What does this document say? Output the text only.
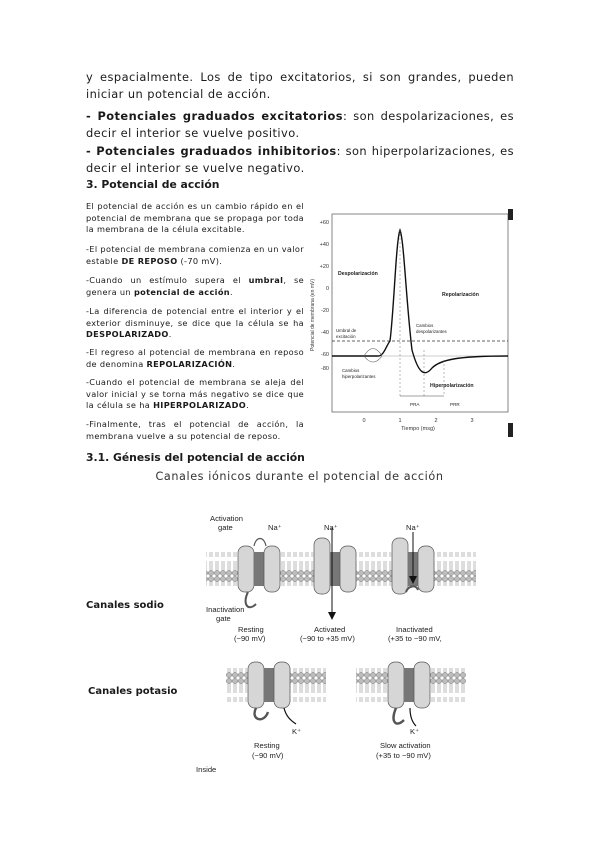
y espacialmente. Los de tipo excitatorios, si son grandes, pueden iniciar un potencial de acción.

- Potenciales graduados excitatorios: son despolarizaciones, es decir el interior se vuelve positivo.

- Potenciales graduados inhibitorios: son hiperpolarizaciones, es decir el interior se vuelve negativo.

3. Potencial de acción

El potencial de acción es un cambio rápido en el potencial de membrana que se propaga por toda la membrana de la célula excitable.

-El potencial de membrana comienza en un valor estable DE REPOSO (-70 mV).

-Cuando un estímulo supera el umbral, se genera un potencial de acción.

-La diferencia de potencial entre el interior y el exterior disminuye, se dice que la célula se ha DESPOLARIZADO.

-El regreso al potencial de membrana en reposo de denomina REPOLARIZACIÓN.

-Cuando el potencial de membrana se aleja del valor inicial y se torna más negativo se dice que la célula se ha HIPERPOLARIZADO.

-Finalmente, tras el potencial de acción, la membrana vuelve a su potencial de reposo.

+60
+40
+20
0
-20
-40
-60
-80
Potencial de membrana (en mV)
0	1	2	3
Tiempo (msg)
Despolarización
Repolarización
Umbral de
excitación
Cambios
despolarizantes
Cambios
hiperpolarizantes
Hiperpolarización
PRA	PRR
3.1. Génesis del potencial de acción

Canales iónicos durante el potencial de acción

Canales sodio

Canales potasio

Activation
gate	Na⁺	Na⁺	Na⁺
Inactivation
gate
Resting
(−90 mV)
Activated
(−90 to +35 mV)
Inactivated
(+35 to −90 mV,
K⁺	K⁺
Resting
(−90 mV)
Slow activation
(+35 to −90 mV)
Inside
